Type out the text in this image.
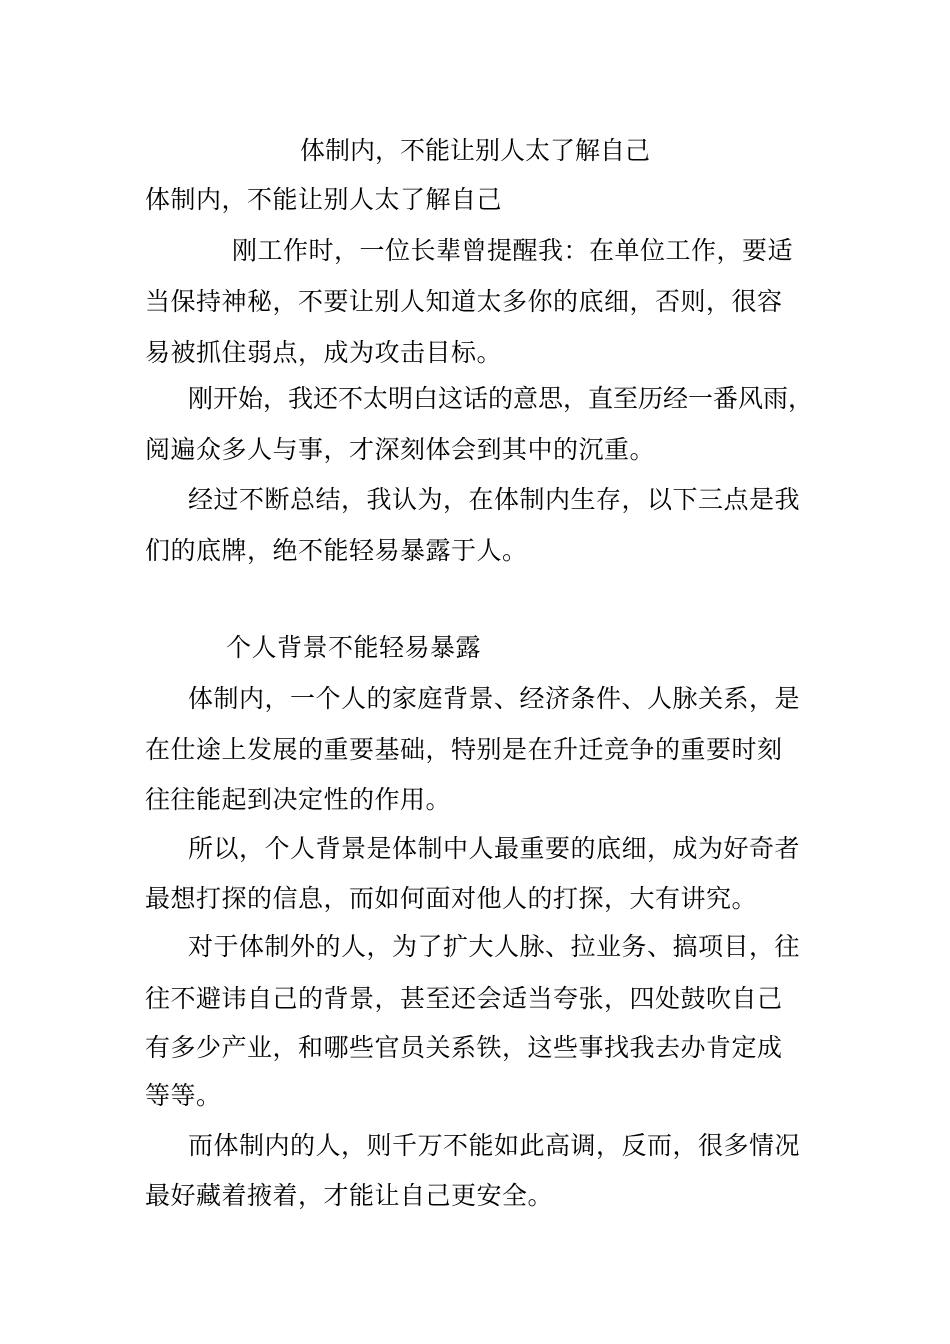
体制内，不能让别人太了解自己
体制内，不能让别人太了解自己
刚工作时，一位长辈曾提醒我：在单位工作，要适
当保持神秘，不要让别人知道太多你的底细，否则，很容
易被抓住弱点，成为攻击目标。
刚开始，我还不太明白这话的意思，直至历经一番风雨，
阅遍众多人与事，才深刻体会到其中的沉重。
经过不断总结，我认为，在体制内生存，以下三点是我
们的底牌，绝不能轻易暴露于人。
个人背景不能轻易暴露
体制内，一个人的家庭背景、经济条件、人脉关系，是
在仕途上发展的重要基础，特别是在升迁竞争的重要时刻
往往能起到决定性的作用。
所以，个人背景是体制中人最重要的底细，成为好奇者
最想打探的信息，而如何面对他人的打探，大有讲究。
对于体制外的人，为了扩大人脉、拉业务、搞项目，往
往不避讳自己的背景，甚至还会适当夸张，四处鼓吹自己
有多少产业，和哪些官员关系铁，这些事找我去办肯定成
等等。
而体制内的人，则千万不能如此高调，反而，很多情况
最好藏着掖着，才能让自己更安全。
